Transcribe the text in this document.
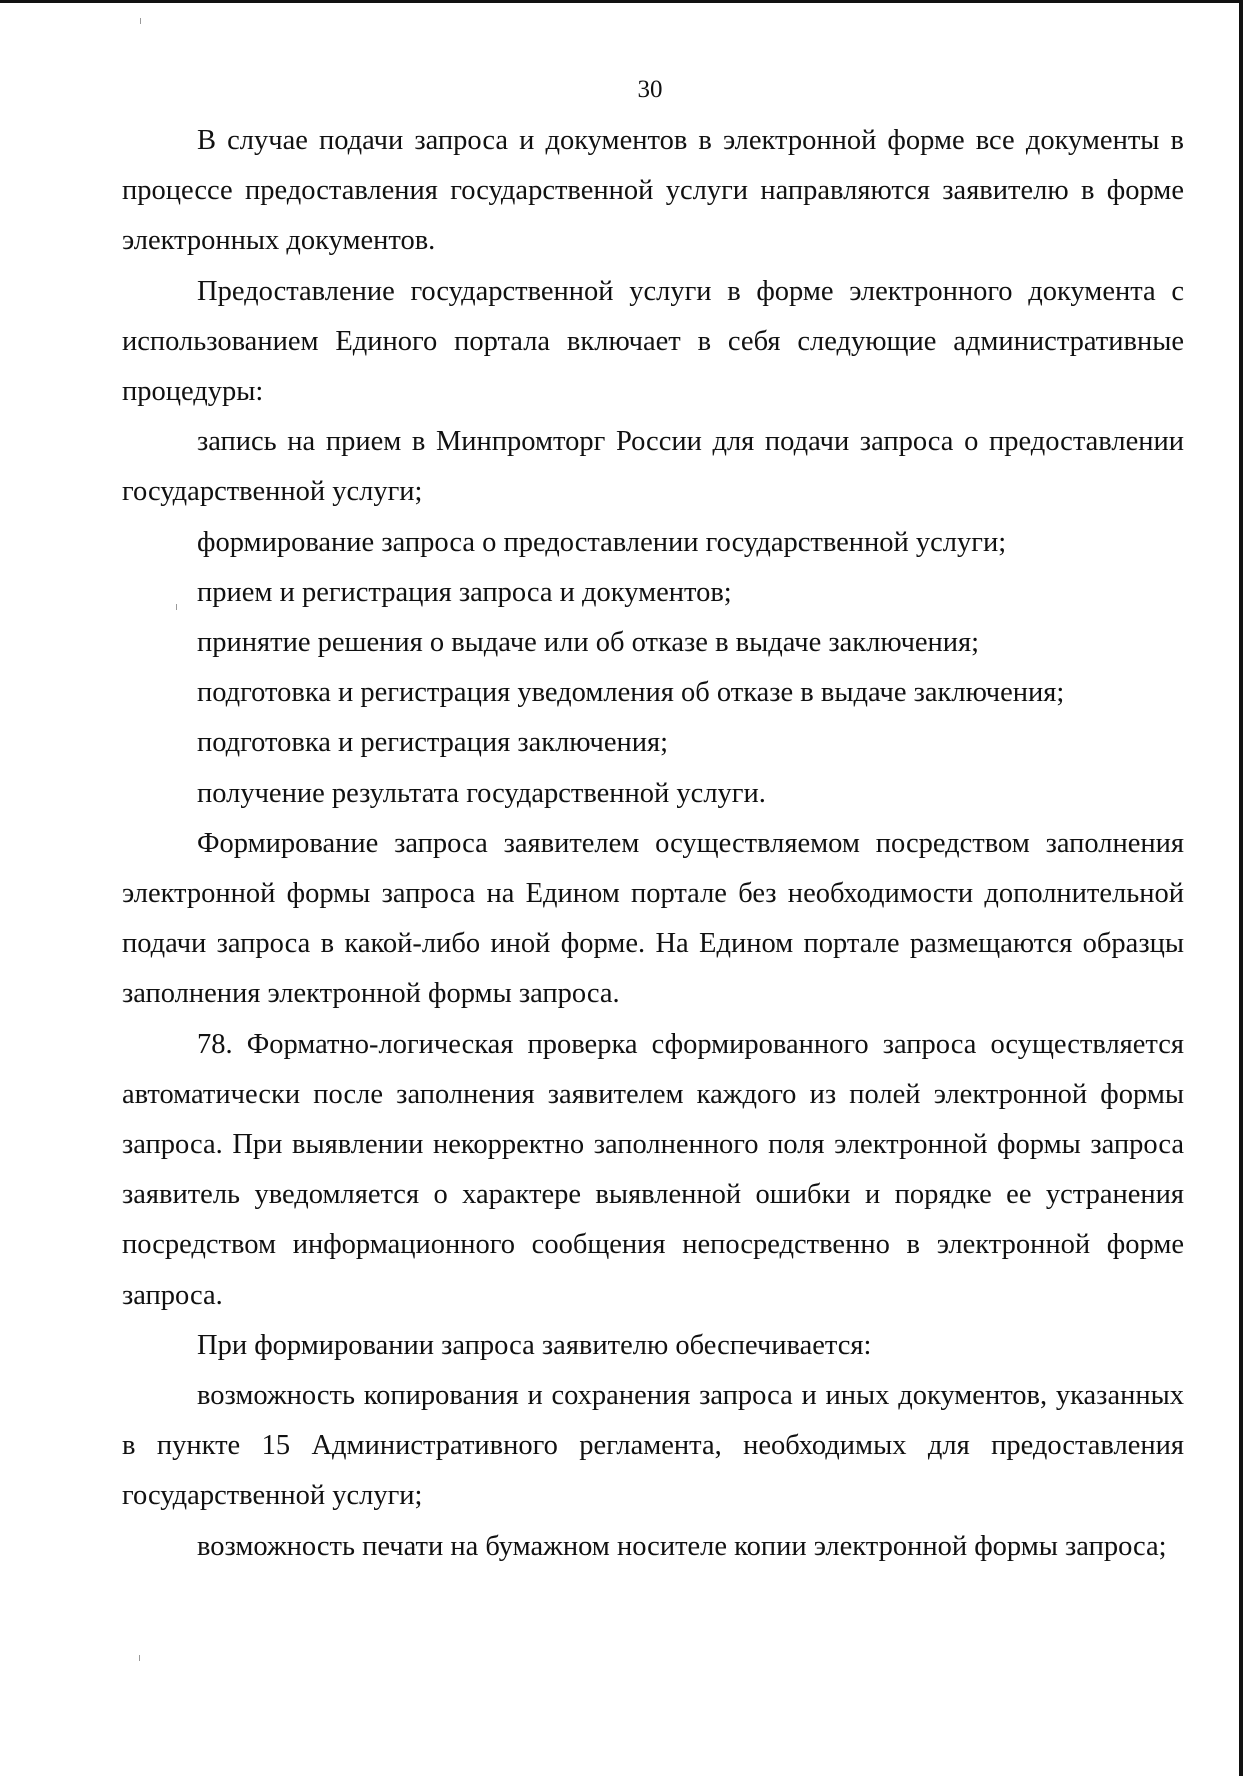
30

В случае подачи запроса и документов в электронной форме все документы в процессе предоставления государственной услуги направляются заявителю в форме электронных документов.

Предоставление государственной услуги в форме электронного документа с использованием Единого портала включает в себя следующие административные процедуры:

запись на прием в Минпромторг России для подачи запроса о предоставлении государственной услуги;

формирование запроса о предоставлении государственной услуги;

прием и регистрация запроса и документов;

принятие решения о выдаче или об отказе в выдаче заключения;

подготовка и регистрация уведомления об отказе в выдаче заключения;

подготовка и регистрация заключения;

получение результата государственной услуги.

Формирование запроса заявителем осуществляемом посредством заполнения электронной формы запроса на Едином портале без необходимости дополнительной подачи запроса в какой-либо иной форме. На Едином портале размещаются образцы заполнения электронной формы запроса.

78. Форматно-логическая проверка сформированного запроса осуществляется автоматически после заполнения заявителем каждого из полей электронной формы запроса. При выявлении некорректно заполненного поля электронной формы запроса заявитель уведомляется о характере выявленной ошибки и порядке ее устранения посредством информационного сообщения непосредственно в электронной форме запроса.

При формировании запроса заявителю обеспечивается:

возможность копирования и сохранения запроса и иных документов, указанных в пункте 15 Административного регламента, необходимых для предоставления государственной услуги;

возможность печати на бумажном носителе копии электронной формы запроса;
